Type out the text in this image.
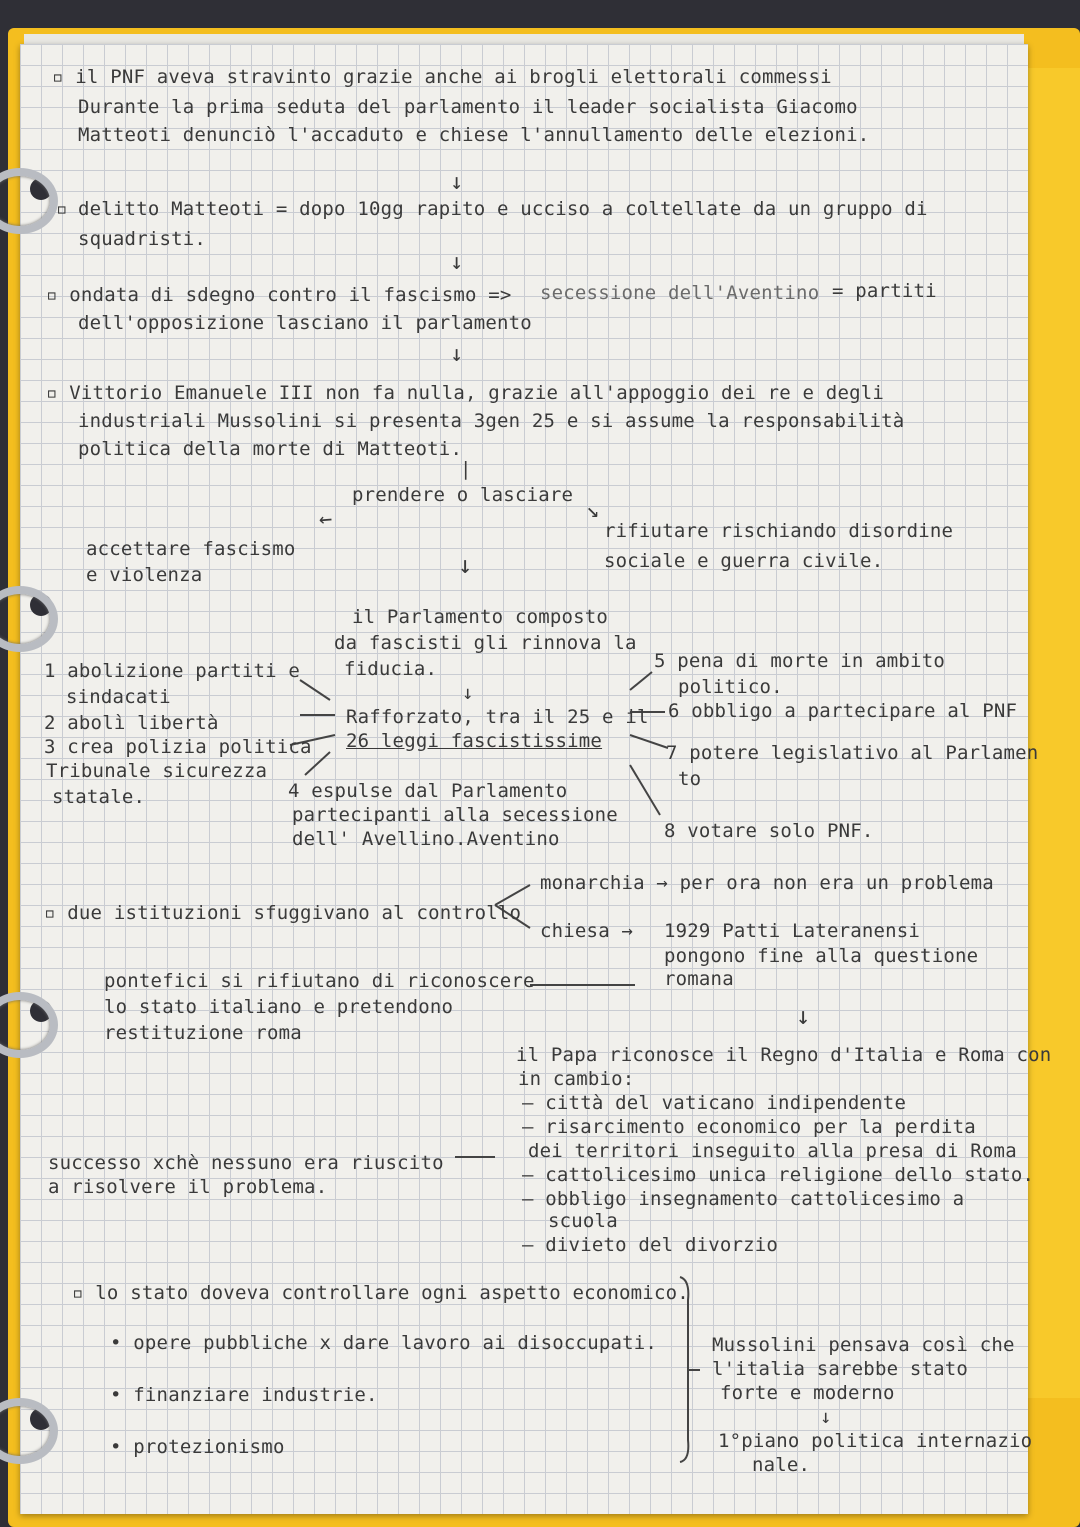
▫ il PNF aveva stravinto grazie anche ai brogli elettorali commessi
Durante la prima seduta del parlamento il leader socialista Giacomo
Matteoti denunciò l'accaduto e chiese l'annullamento delle elezioni.
↓
▫ delitto Matteoti = dopo 10gg rapito e ucciso a coltellate da un gruppo di
squadristi.
↓
▫ ondata di sdegno contro il fascismo => secessione dell'Aventino = partiti
dell'opposizione lasciano il parlamento
↓
▫ Vittorio Emanuele III non fa nulla, grazie all'appoggio dei re e degli
industriali Mussolini si presenta 3gen 25 e si assume la responsabilità
politica della morte di Matteoti.
|
prendere o lasciare
↙	↘
↓
accettare fascismo
e violenza
rifiutare rischiando disordine
sociale e guerra civile.
il Parlamento composto
da fascisti gli rinnova la
fiducia.
↓
Rafforzato, tra il 25 e il
26 leggi fascistissime
1 abolizione partiti e
sindacati
2 abolì libertà
3 crea polizia politica
Tribunale sicurezza
statale.	4 espulse dal Parlamento
partecipanti alla secessione
dell' Avellino.Aventino
5 pena di morte in ambito
politico.
6 obbligo a partecipare al PNF
7 potere legislativo al Parlamen
to
8 votare solo PNF.
monarchia → per ora non era un problema
▫ due istituzioni sfuggivano al controllo
chiesa → 1929 Patti Lateranensi
pongono fine alla questione
romana
↓
pontefici si rifiutano di riconoscere
lo stato italiano e pretendono
restituzione roma
il Papa riconosce il Regno d'Italia e Roma con
in cambio:
– città del vaticano indipendente
– risarcimento economico per la perdita
dei territori inseguito alla presa di Roma
– cattolicesimo unica religione dello stato.
– obbligo insegnamento cattolicesimo a
scuola
– divieto del divorzio
successo xchè nessuno era riuscito
a risolvere il problema.
▫ lo stato doveva controllare ogni aspetto economico.
• opere pubbliche x dare lavoro ai disoccupati.
• finanziare industrie.
• protezionismo
Mussolini pensava così che
l'italia sarebbe stato
forte e moderno
↓
1°piano politica internazio
nale.
